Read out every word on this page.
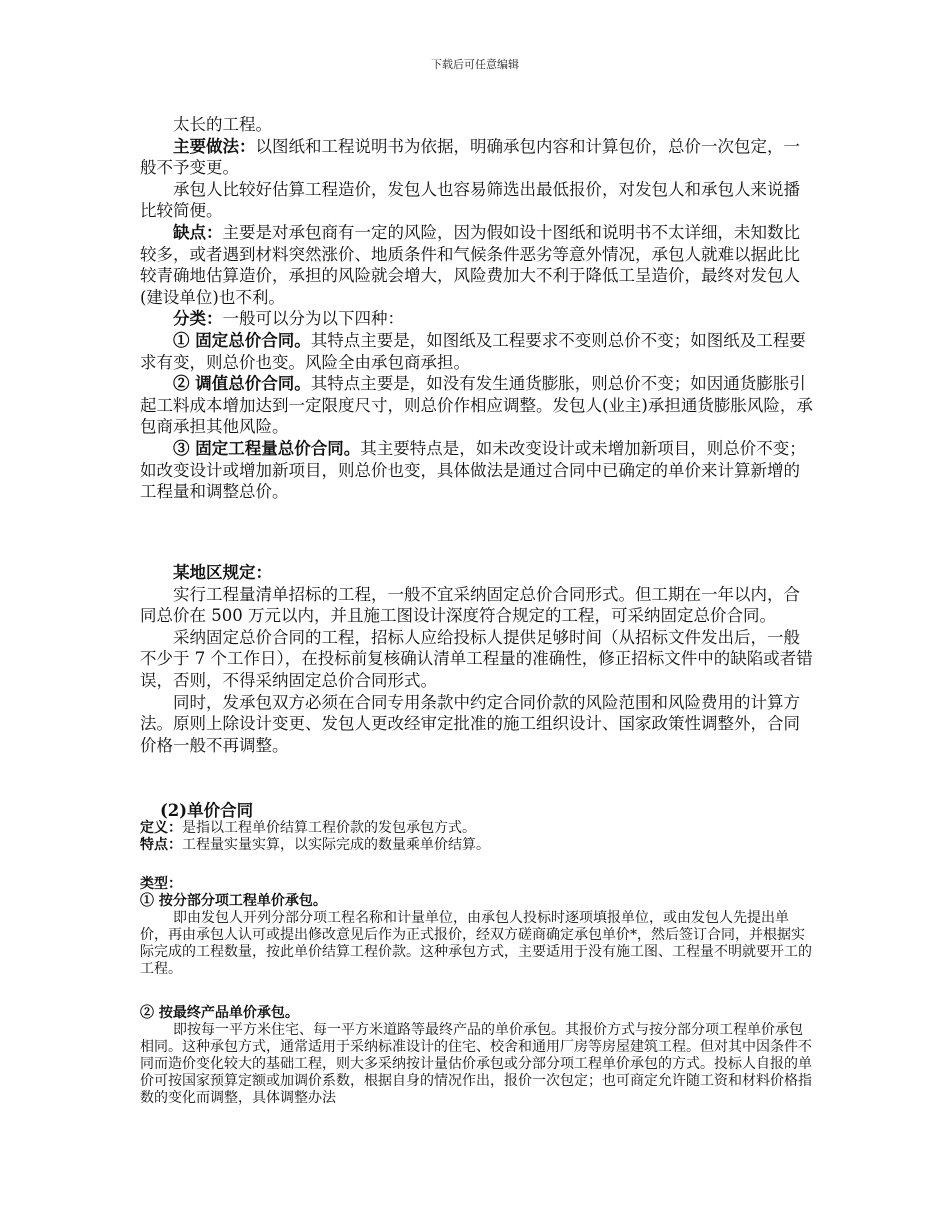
下载后可任意编辑

太长的工程。

主要做法：以图纸和工程说明书为依据，明确承包内容和计算包价，总价一次包定，一般不予变更。

承包人比较好估算工程造价，发包人也容易筛选出最低报价，对发包人和承包人来说播比较简便。

缺点：主要是对承包商有一定的风险，因为假如设十图纸和说明书不太详细，未知数比较多，或者遇到材料突然涨价、地质条件和气候条件恶劣等意外情况，承包人就难以据此比较青确地估算造价，承担的风险就会增大，风险费加大不利于降低工呈造价，最终对发包人(建设单位)也不利。

分类：一般可以分为以下四种：

① 固定总价合同。其特点主要是，如图纸及工程要求不变则总价不变；如图纸及工程要求有变，则总价也变。风险全由承包商承担。

② 调值总价合同。其特点主要是，如没有发生通货膨胀，则总价不变；如因通货膨胀引起工料成本增加达到一定限度尺寸，则总价作相应调整。发包人(业主)承担通货膨胀风险，承包商承担其他风险。

③ 固定工程量总价合同。其主要特点是，如未改变设计或未增加新项目，则总价不变；如改变设计或增加新项目，则总价也变，具体做法是通过合同中已确定的单价来计算新增的工程量和调整总价。

某地区规定：

实行工程量清单招标的工程，一般不宜采纳固定总价合同形式。但工期在一年以内，合同总价在 500 万元以内，并且施工图设计深度符合规定的工程，可采纳固定总价合同。

采纳固定总价合同的工程，招标人应给投标人提供足够时间（从招标文件发出后，一般不少于 7 个工作日），在投标前复核确认清单工程量的准确性，修正招标文件中的缺陷或者错误，否则，不得采纳固定总价合同形式。

同时，发承包双方必须在合同专用条款中约定合同价款的风险范围和风险费用的计算方法。原则上除设计变更、发包人更改经审定批准的施工组织设计、国家政策性调整外，合同价格一般不再调整。

(2)单价合同

定义：是指以工程单价结算工程价款的发包承包方式。

特点：工程量实量实算，以实际完成的数量乘单价结算。

类型：

① 按分部分项工程单价承包。

即由发包人开列分部分项工程名称和计量单位，由承包人投标时逐项填报单位，或由发包人先提出单价，再由承包人认可或提出修改意见后作为正式报价，经双方磋商确定承包单价*，然后签订合同，并根据实际完成的工程数量，按此单价结算工程价款。这种承包方式，主要适用于没有施工图、工程量不明就要开工的工程。

② 按最终产品单价承包。

即按每一平方米住宅、每一平方米道路等最终产品的单价承包。其报价方式与按分部分项工程单价承包相同。这种承包方式，通常适用于采纳标准设计的住宅、校舍和通用厂房等房屋建筑工程。但对其中因条件不同而造价变化较大的基础工程，则大多采纳按计量估价承包或分部分项工程单价承包的方式。投标人自报的单价可按国家预算定额或加调价系数，根据自身的情况作出，报价一次包定；也可商定允许随工资和材料价格指数的变化而调整，具体调整办法
